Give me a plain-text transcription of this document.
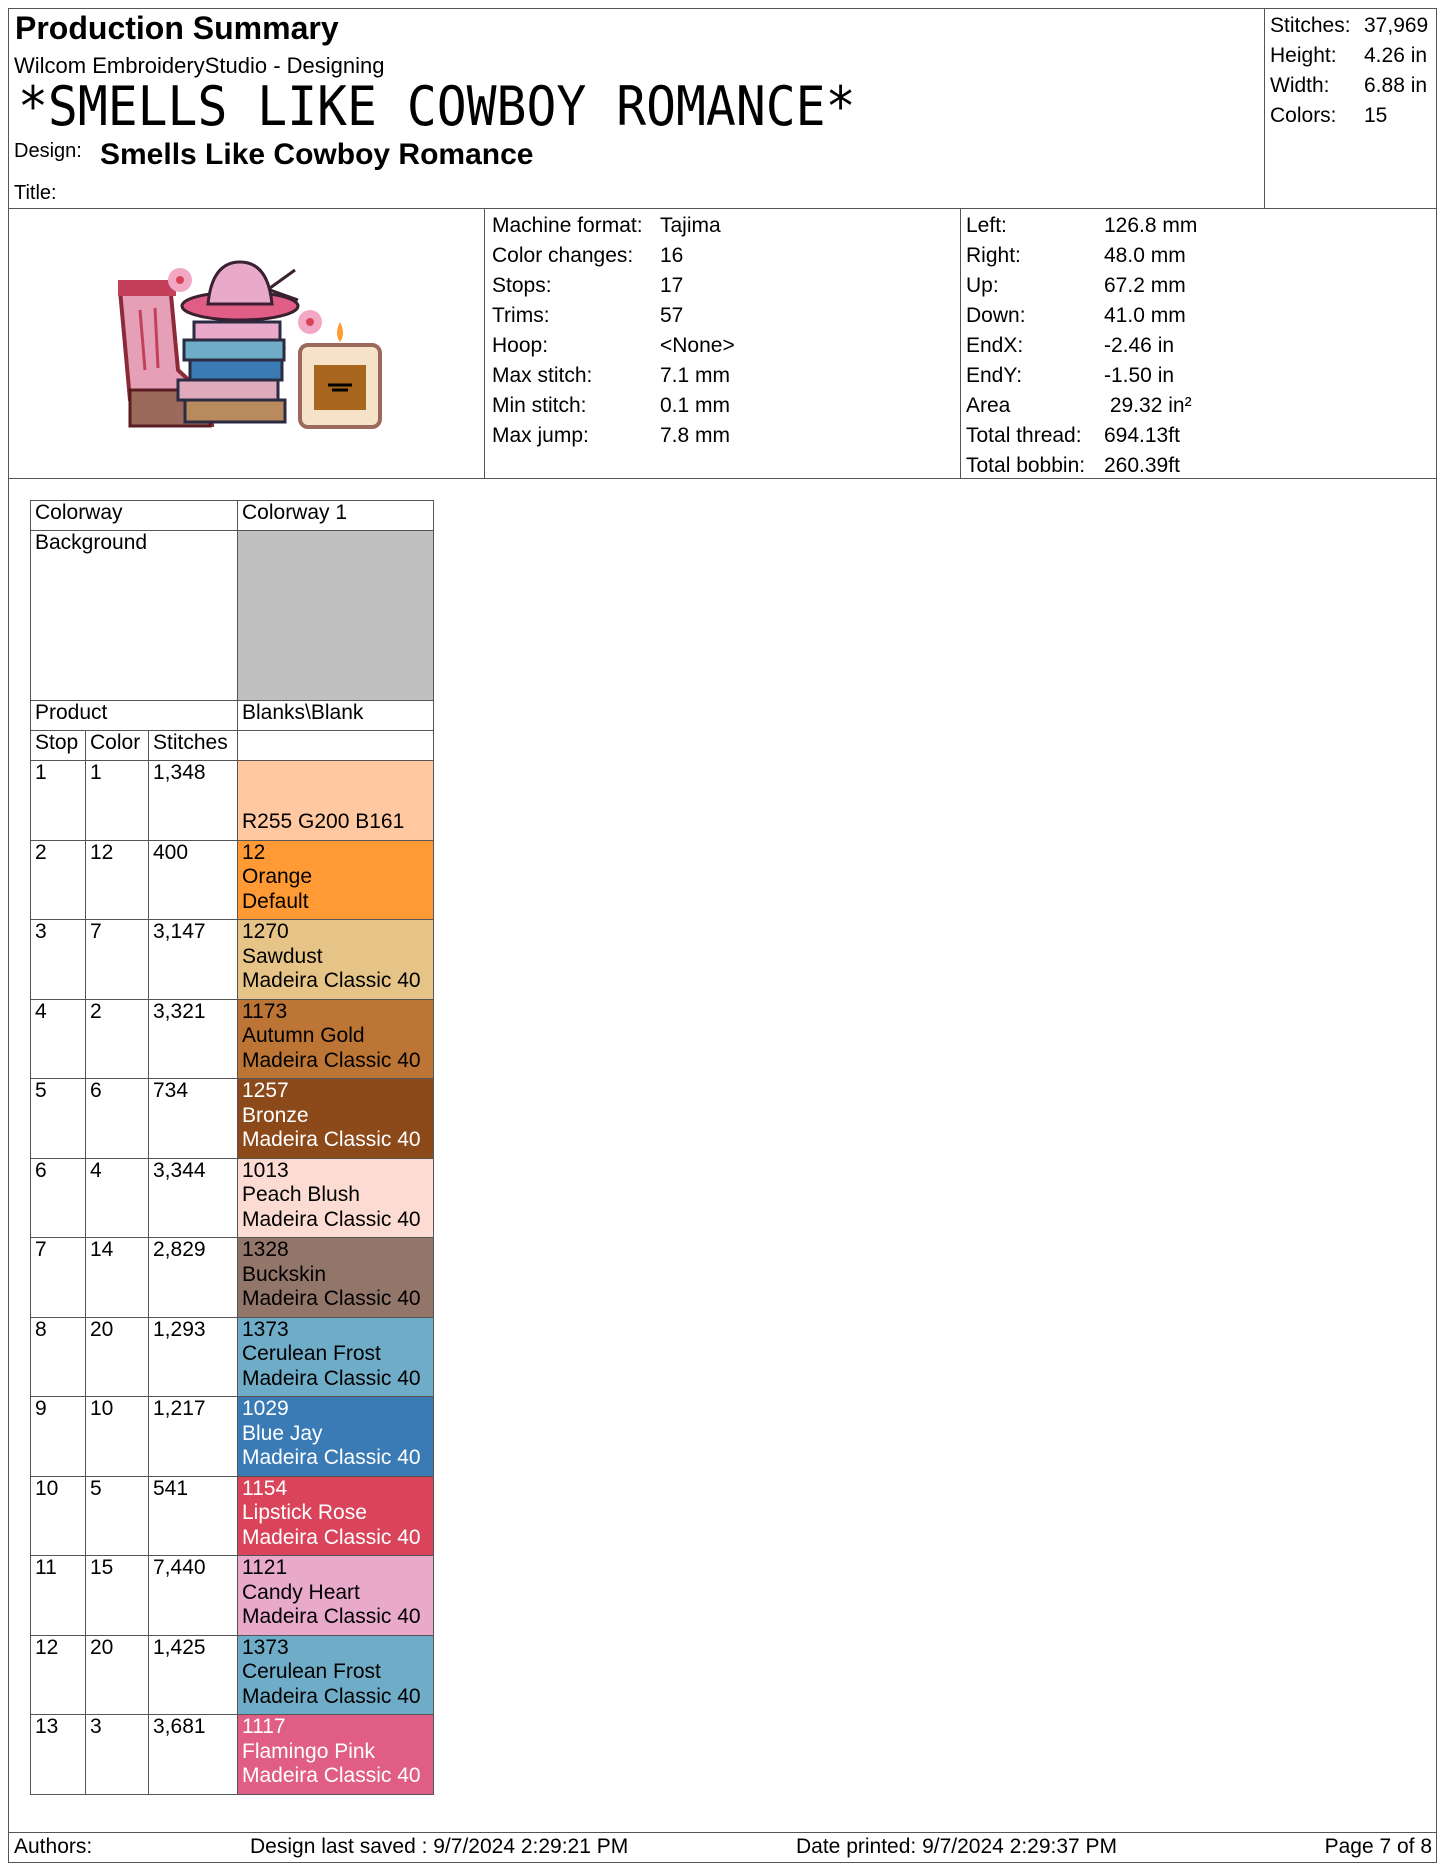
Production Summary
Wilcom EmbroideryStudio - Designing
*SMELLS LIKE COWBOY ROMANCE*
Design: Smells Like Cowboy Romance
Title:
Stitches: 37,969
Height: 4.26 in
Width: 6.88 in
Colors: 15
Machine format: Tajima
Color changes: 16
Stops:	17
Trims:	57
Hoop:	<None>
Max stitch:	7.1 mm
Min stitch:	0.1 mm
Max jump:	7.8 mm
Left:	126.8 mm
Right:	48.0 mm
Up:	67.2 mm
Down:	41.0 mm
EndX:	-2.46 in
EndY:	-1.50 in
Area	29.32 in²
Total thread: 694.13ft
Total bobbin: 260.39ft
Colorway			Colorway 1
Background			
Product			Blanks\Blank
Stop	Color	Stitches	
1	1	1,348	R255 G200 B161

2	12	400	12
Orange
Default

3	7	3,147	1270
Sawdust
Madeira Classic 40

4	2	3,321	1173
Autumn Gold
Madeira Classic 40

5	6	734	1257
Bronze
Madeira Classic 40

6	4	3,344	1013
Peach Blush
Madeira Classic 40

7	14	2,829	1328
Buckskin
Madeira Classic 40

8	20	1,293	1373
Cerulean Frost
Madeira Classic 40

9	10	1,217	1029
Blue Jay
Madeira Classic 40

10	5	541	1154
Lipstick Rose
Madeira Classic 40

11	15	7,440	1121
Candy Heart
Madeira Classic 40

12	20	1,425	1373
Cerulean Frost
Madeira Classic 40

13	3	3,681	1117
Flamingo Pink
Madeira Classic 40
Authors:	Design last saved : 9/7/2024 2:29:21 PM	Date printed: 9/7/2024 2:29:37 PM	Page 7 of 8
